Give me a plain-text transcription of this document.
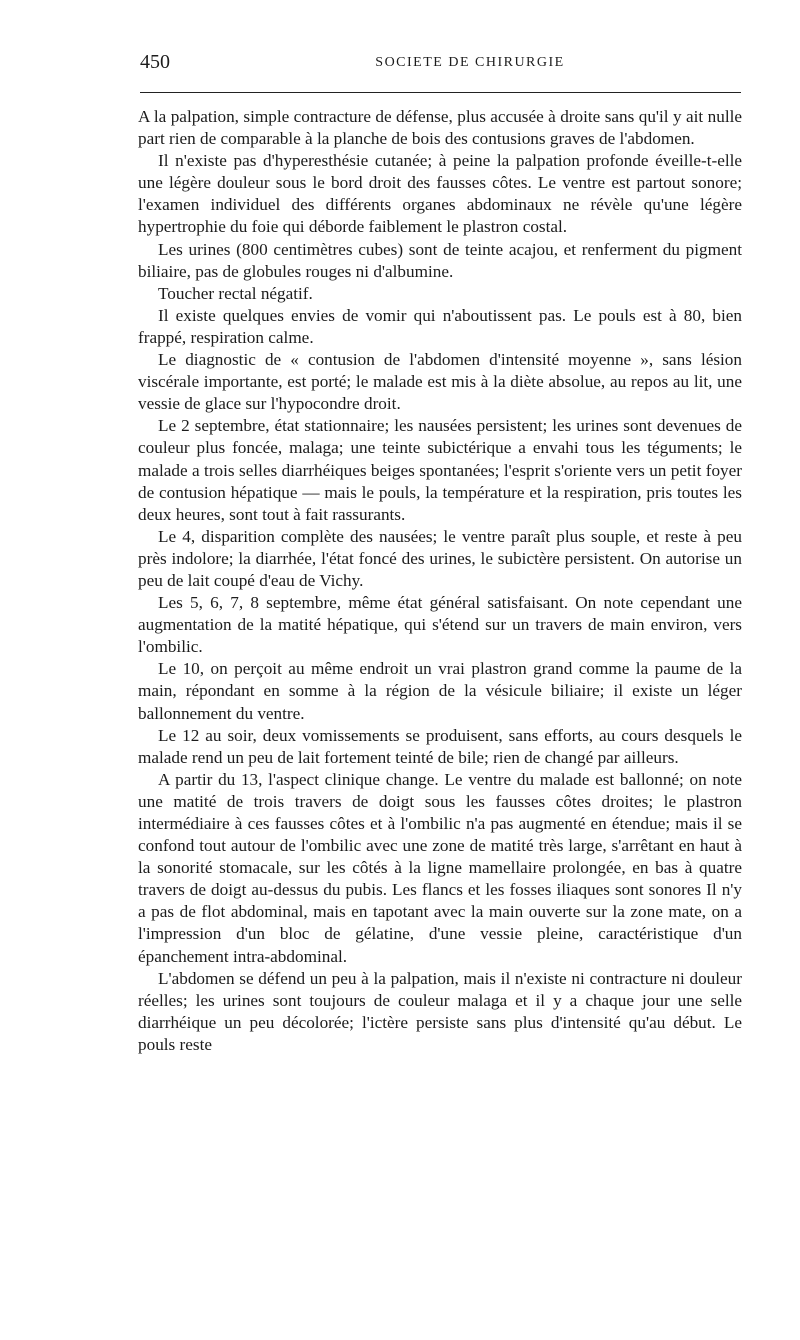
450	SOCIETE DE CHIRURGIE

A la palpation, simple contracture de défense, plus accusée à droite sans qu'il y ait nulle part rien de comparable à la planche de bois des contusions graves de l'abdomen.

Il n'existe pas d'hyperesthésie cutanée; à peine la palpation profonde éveille-t-elle une légère douleur sous le bord droit des fausses côtes. Le ventre est partout sonore; l'examen individuel des différents organes abdominaux ne révèle qu'une légère hypertrophie du foie qui déborde faiblement le plastron costal.

Les urines (800 centimètres cubes) sont de teinte acajou, et renferment du pigment biliaire, pas de globules rouges ni d'albumine.

Toucher rectal négatif.

Il existe quelques envies de vomir qui n'aboutissent pas. Le pouls est à 80, bien frappé, respiration calme.

Le diagnostic de « contusion de l'abdomen d'intensité moyenne », sans lésion viscérale importante, est porté; le malade est mis à la diète absolue, au repos au lit, une vessie de glace sur l'hypocondre droit.

Le 2 septembre, état stationnaire; les nausées persistent; les urines sont devenues de couleur plus foncée, malaga; une teinte subictérique a envahi tous les téguments; le malade a trois selles diarrhéiques beiges spontanées; l'esprit s'oriente vers un petit foyer de contusion hépatique — mais le pouls, la température et la respiration, pris toutes les deux heures, sont tout à fait rassurants.

Le 4, disparition complète des nausées; le ventre paraît plus souple, et reste à peu près indolore; la diarrhée, l'état foncé des urines, le subictère persistent. On autorise un peu de lait coupé d'eau de Vichy.

Les 5, 6, 7, 8 septembre, même état général satisfaisant. On note cependant une augmentation de la matité hépatique, qui s'étend sur un travers de main environ, vers l'ombilic.

Le 10, on perçoit au même endroit un vrai plastron grand comme la paume de la main, répondant en somme à la région de la vésicule biliaire; il existe un léger ballonnement du ventre.

Le 12 au soir, deux vomissements se produisent, sans efforts, au cours desquels le malade rend un peu de lait fortement teinté de bile; rien de changé par ailleurs.

A partir du 13, l'aspect clinique change. Le ventre du malade est ballonné; on note une matité de trois travers de doigt sous les fausses côtes droites; le plastron intermédiaire à ces fausses côtes et à l'ombilic n'a pas augmenté en étendue; mais il se confond tout autour de l'ombilic avec une zone de matité très large, s'arrêtant en haut à la sonorité stomacale, sur les côtés à la ligne mamellaire prolongée, en bas à quatre travers de doigt au-dessus du pubis. Les flancs et les fosses iliaques sont sonores Il n'y a pas de flot abdominal, mais en tapotant avec la main ouverte sur la zone mate, on a l'impression d'un bloc de gélatine, d'une vessie pleine, caractéristique d'un épanchement intra-abdominal.

L'abdomen se défend un peu à la palpation, mais il n'existe ni contracture ni douleur réelles; les urines sont toujours de couleur malaga et il y a chaque jour une selle diarrhéique un peu décolorée; l'ictère persiste sans plus d'intensité qu'au début. Le pouls reste
